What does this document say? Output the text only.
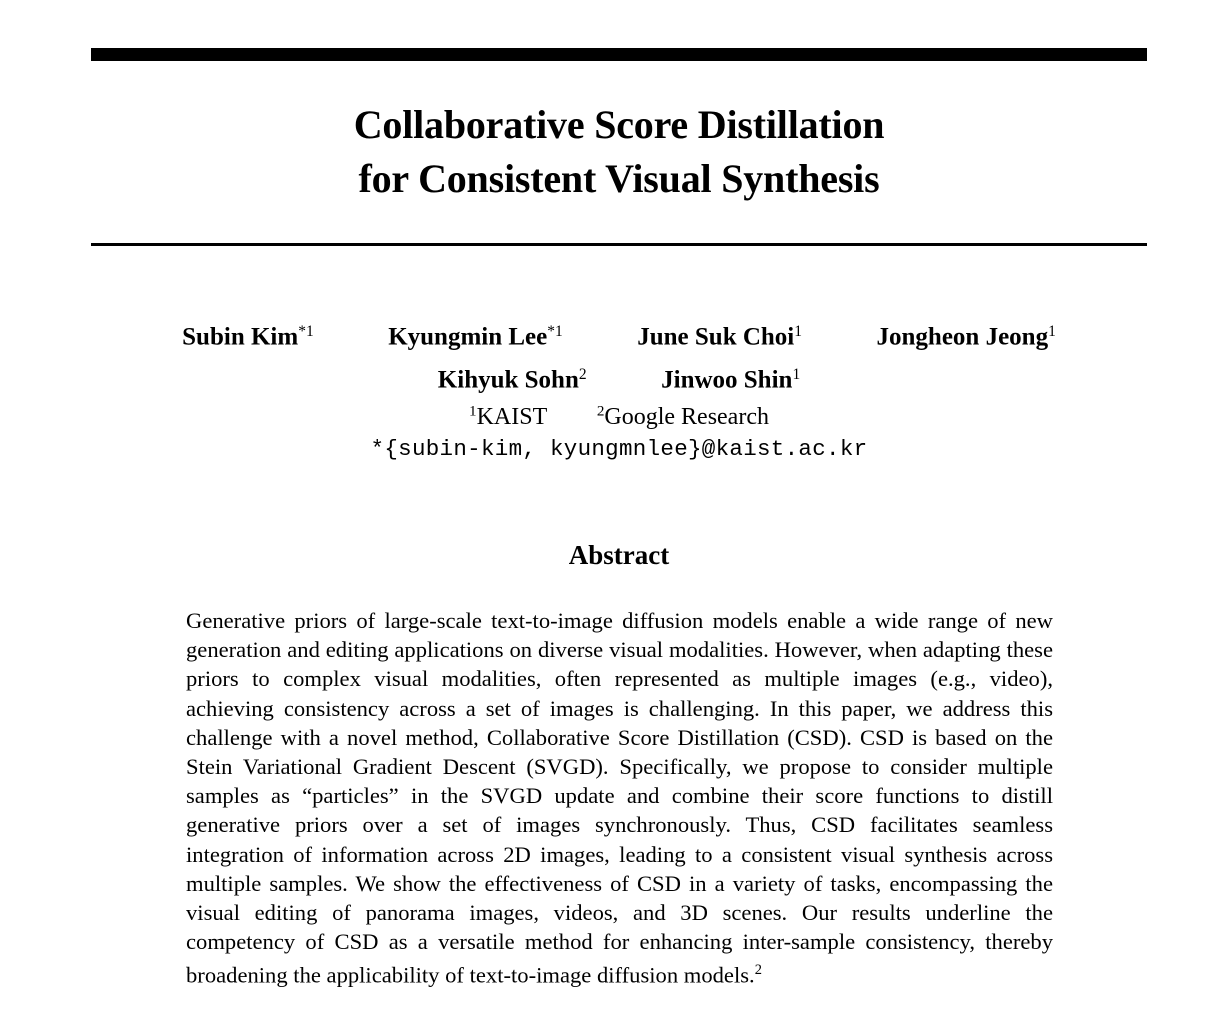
Collaborative Score Distillation
for Consistent Visual Synthesis
Subin Kim$^{*1}$	Kyungmin Lee$^{*1}$	June Suk Choi$^1$	Jongheon Jeong$^1$
Kihyuk Sohn$^2$	Jinwoo Shin$^1$
$^1$KAIST	$^2$Google Research
*{subin-kim, kyungmnlee}@kaist.ac.kr
Abstract
Generative priors of large-scale text-to-image diffusion models enable a wide range of new generation and editing applications on diverse visual modalities. However, when adapting these priors to complex visual modalities, often represented as multiple images (e.g., video), achieving consistency across a set of images is challenging. In this paper, we address this challenge with a novel method, Collaborative Score Distillation (CSD). CSD is based on the Stein Variational Gradient Descent (SVGD). Specifically, we propose to consider multiple samples as “particles” in the SVGD update and combine their score functions to distill generative priors over a set of images synchronously. Thus, CSD facilitates seamless integration of information across 2D images, leading to a consistent visual synthesis across multiple samples. We show the effectiveness of CSD in a variety of tasks, encompassing the visual editing of panorama images, videos, and 3D scenes. Our results underline the competency of CSD as a versatile method for enhancing inter-sample consistency, thereby broadening the applicability of text-to-image diffusion models.$^2$
